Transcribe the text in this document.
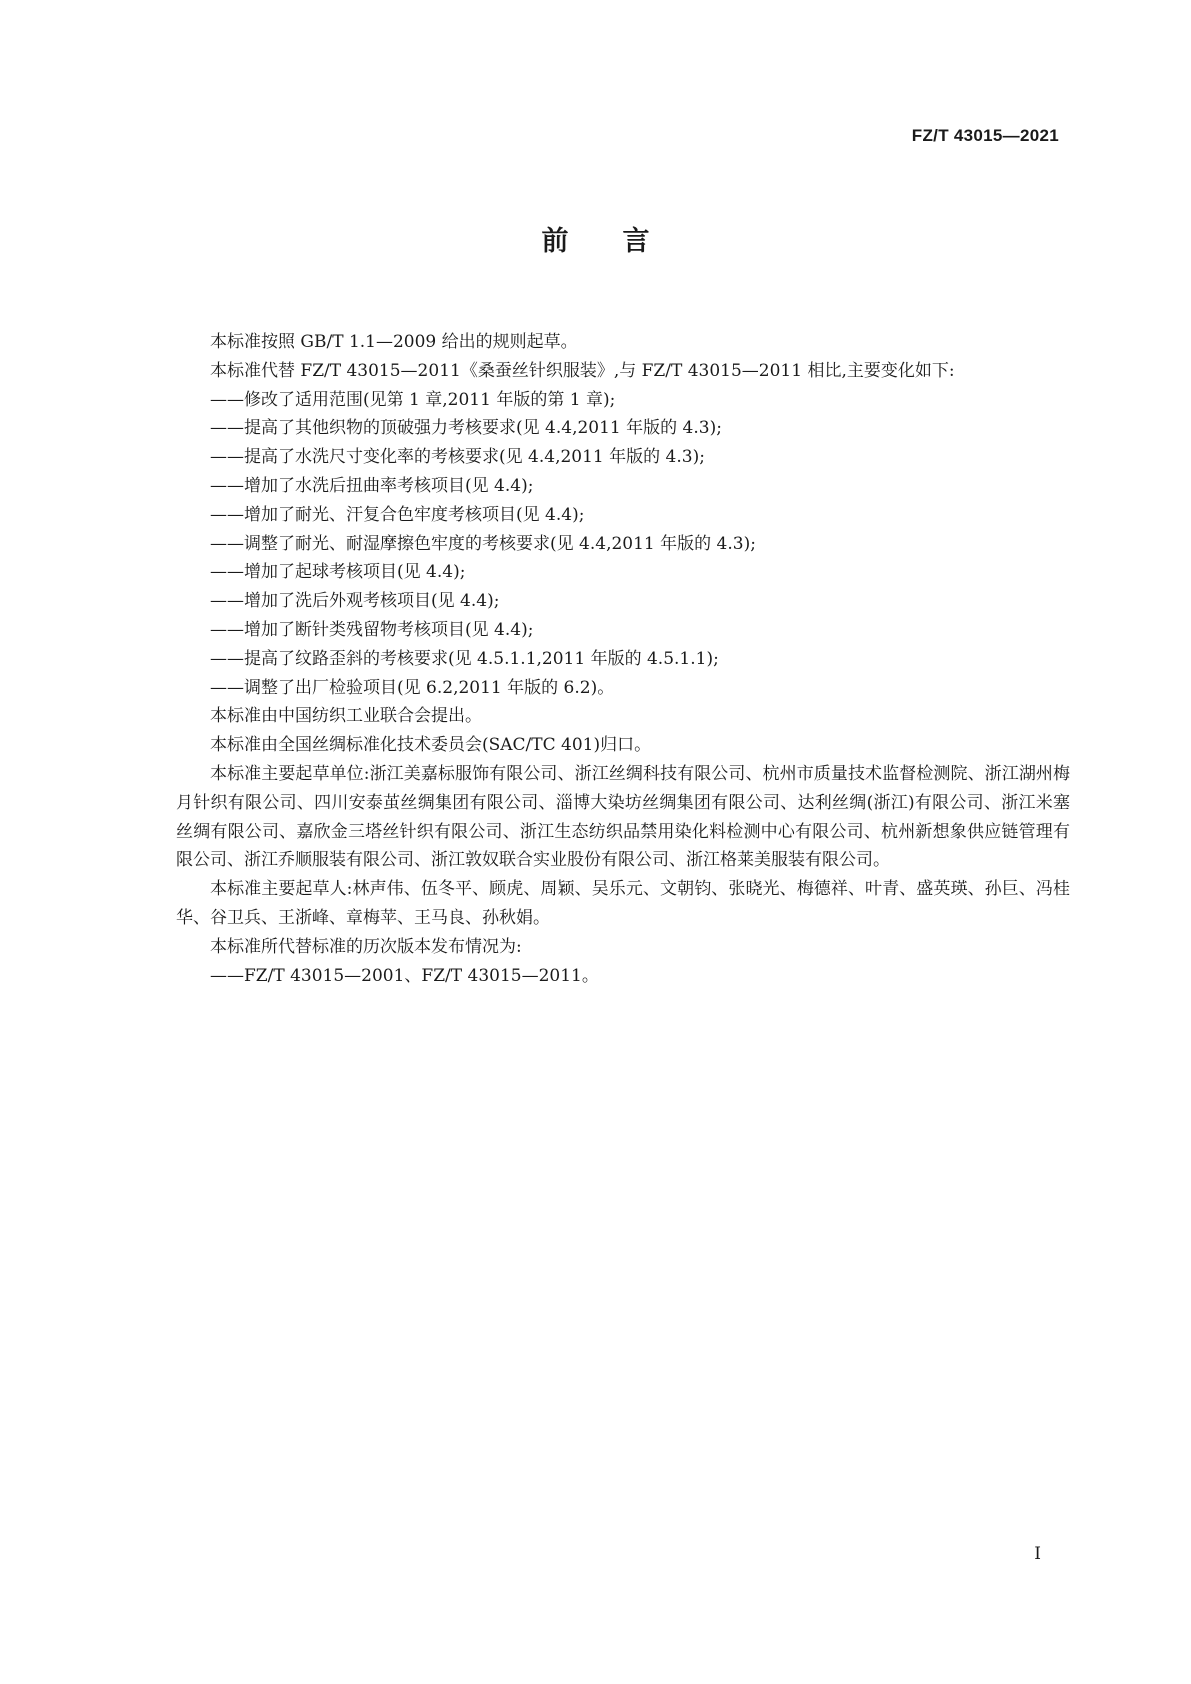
FZ/T 43015—2021
前 言

本标准按照 GB/T 1.1—2009 给出的规则起草。

本标准代替 FZ/T 43015—2011《桑蚕丝针织服装》,与 FZ/T 43015—2011 相比,主要变化如下:

——修改了适用范围(见第 1 章,2011 年版的第 1 章);

——提高了其他织物的顶破强力考核要求(见 4.4,2011 年版的 4.3);

——提高了水洗尺寸变化率的考核要求(见 4.4,2011 年版的 4.3);

——增加了水洗后扭曲率考核项目(见 4.4);

——增加了耐光、汗复合色牢度考核项目(见 4.4);

——调整了耐光、耐湿摩擦色牢度的考核要求(见 4.4,2011 年版的 4.3);

——增加了起球考核项目(见 4.4);

——增加了洗后外观考核项目(见 4.4);

——增加了断针类残留物考核项目(见 4.4);

——提高了纹路歪斜的考核要求(见 4.5.1.1,2011 年版的 4.5.1.1);

——调整了出厂检验项目(见 6.2,2011 年版的 6.2)。

本标准由中国纺织工业联合会提出。

本标准由全国丝绸标准化技术委员会(SAC/TC 401)归口。

本标准主要起草单位:浙江美嘉标服饰有限公司、浙江丝绸科技有限公司、杭州市质量技术监督检测院、浙江湖州梅月针织有限公司、四川安泰茧丝绸集团有限公司、淄博大染坊丝绸集团有限公司、达利丝绸(浙江)有限公司、浙江米塞丝绸有限公司、嘉欣金三塔丝针织有限公司、浙江生态纺织品禁用染化料检测中心有限公司、杭州新想象供应链管理有限公司、浙江乔顺服装有限公司、浙江敦奴联合实业股份有限公司、浙江格莱美服装有限公司。

本标准主要起草人:林声伟、伍冬平、顾虎、周颖、吴乐元、文朝钧、张晓光、梅德祥、叶青、盛英瑛、孙巨、冯桂华、谷卫兵、王浙峰、章梅苹、王马良、孙秋娟。

本标准所代替标准的历次版本发布情况为:

——FZ/T 43015—2001、FZ/T 43015—2011。

I
